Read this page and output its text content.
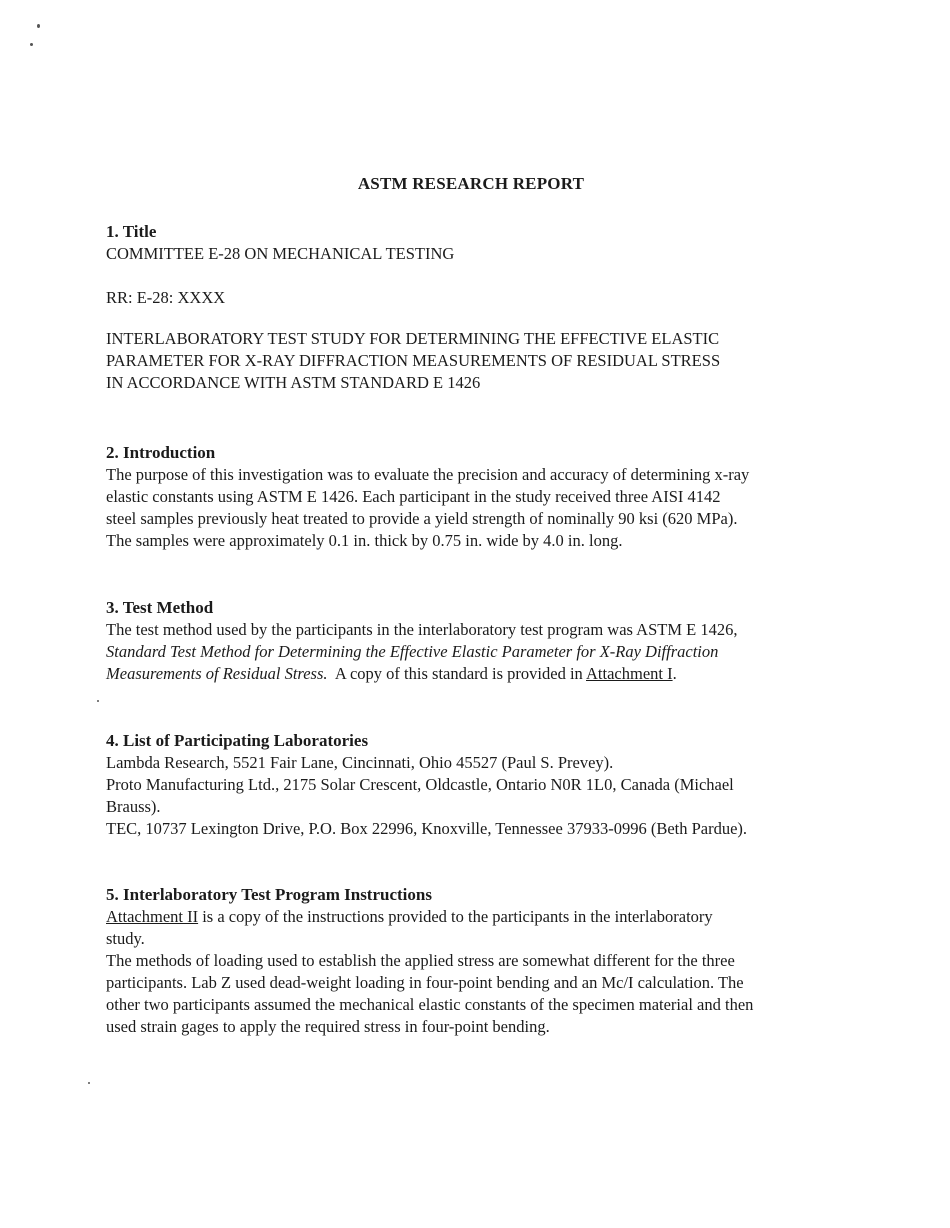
ASTM RESEARCH REPORT
1. Title
COMMITTEE E-28 ON MECHANICAL TESTING
RR: E-28: XXXX
INTERLABORATORY TEST STUDY FOR DETERMINING THE EFFECTIVE ELASTIC
PARAMETER FOR X-RAY DIFFRACTION MEASUREMENTS OF RESIDUAL STRESS
IN ACCORDANCE WITH ASTM STANDARD E 1426
2. Introduction
The purpose of this investigation was to evaluate the precision and accuracy of determining x-ray
elastic constants using ASTM E 1426. Each participant in the study received three AISI 4142
steel samples previously heat treated to provide a yield strength of nominally 90 ksi (620 MPa).
The samples were approximately 0.1 in. thick by 0.75 in. wide by 4.0 in. long.
3. Test Method
The test method used by the participants in the interlaboratory test program was ASTM E 1426,
Standard Test Method for Determining the Effective Elastic Parameter for X-Ray Diffraction
Measurements of Residual Stress.  A copy of this standard is provided in Attachment I.
4. List of Participating Laboratories
Lambda Research, 5521 Fair Lane, Cincinnati, Ohio 45527 (Paul S. Prevey).
Proto Manufacturing Ltd., 2175 Solar Crescent, Oldcastle, Ontario N0R 1L0, Canada (Michael
Brauss).
TEC, 10737 Lexington Drive, P.O. Box 22996, Knoxville, Tennessee 37933-0996 (Beth Pardue).
5. Interlaboratory Test Program Instructions
Attachment II is a copy of the instructions provided to the participants in the interlaboratory
study.
The methods of loading used to establish the applied stress are somewhat different for the three
participants. Lab Z used dead-weight loading in four-point bending and an Mc/I calculation. The
other two participants assumed the mechanical elastic constants of the specimen material and then
used strain gages to apply the required stress in four-point bending.
